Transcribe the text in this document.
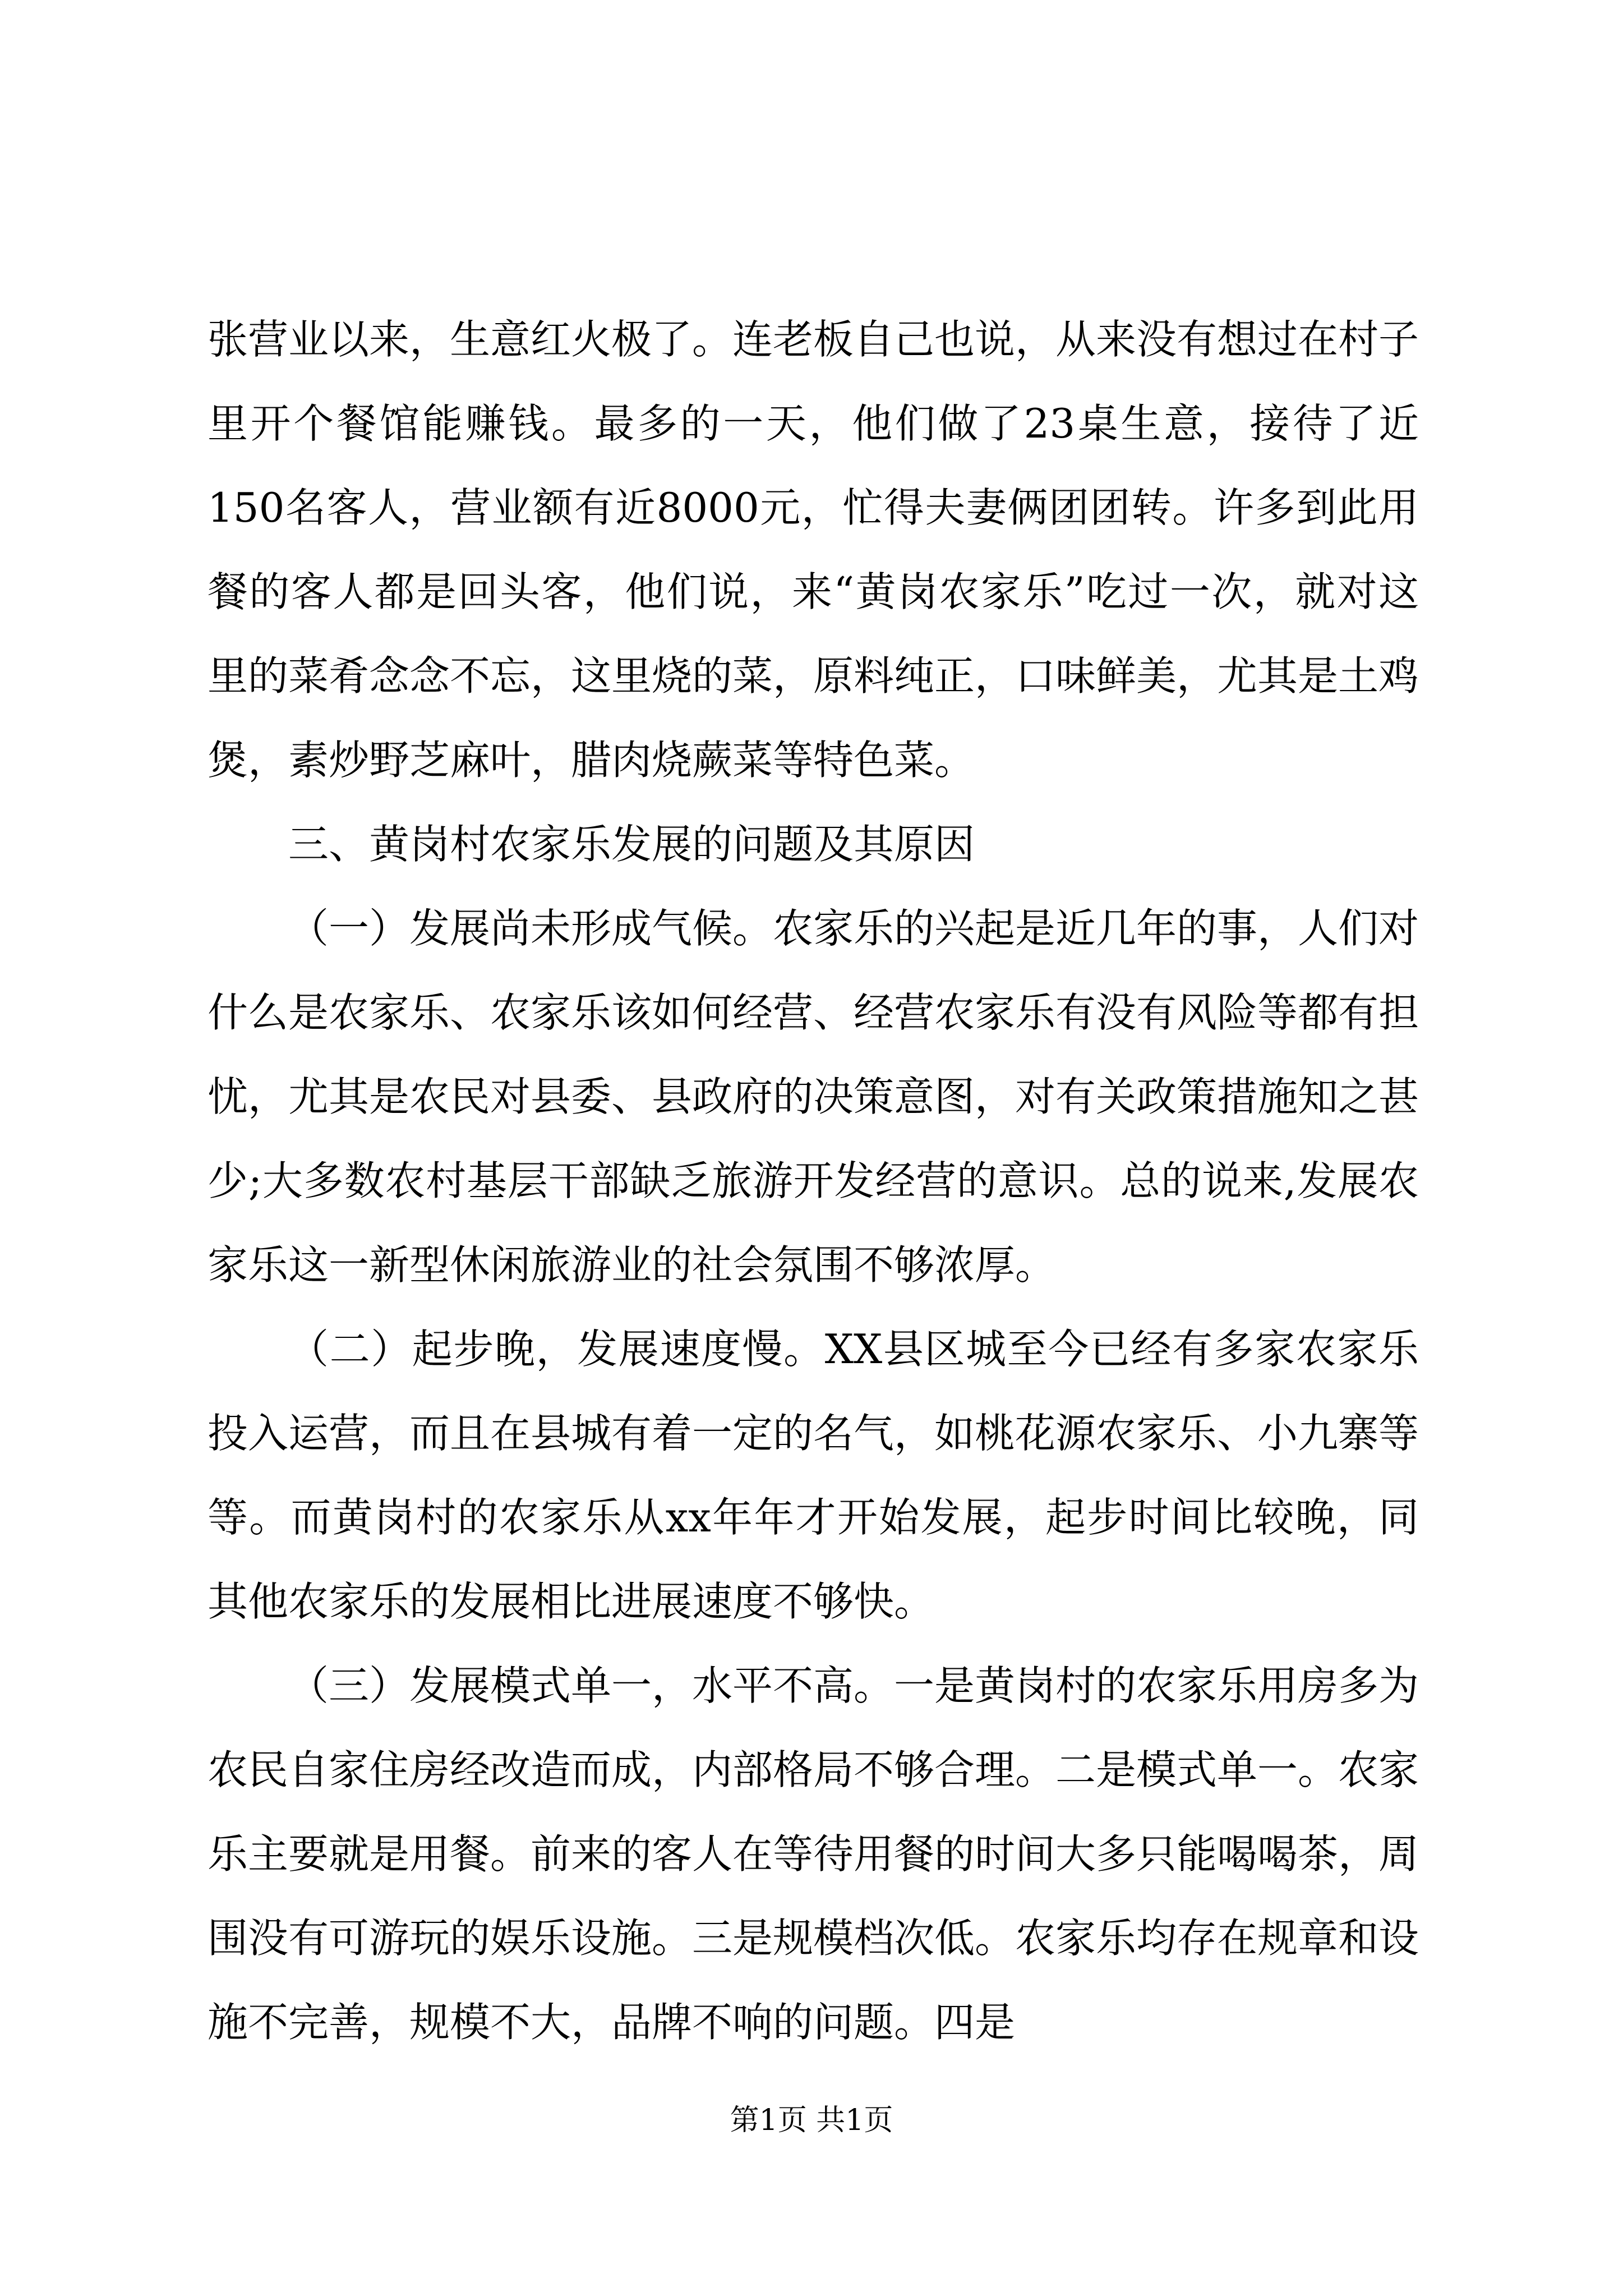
张营业以来，生意红火极了。连老板自己也说，从来没有想过在村子里开个餐馆能赚钱。最多的一天，他们做了23桌生意，接待了近150名客人，营业额有近8000元，忙得夫妻俩团团转。许多到此用餐的客人都是回头客，他们说，来“黄岗农家乐”吃过一次，就对这里的菜肴念念不忘，这里烧的菜，原料纯正，口味鲜美，尤其是土鸡煲，素炒野芝麻叶，腊肉烧蕨菜等特色菜。

三、黄岗村农家乐发展的问题及其原因

（一）发展尚未形成气候。农家乐的兴起是近几年的事，人们对什么是农家乐、农家乐该如何经营、经营农家乐有没有风险等都有担忧，尤其是农民对县委、县政府的决策意图，对有关政策措施知之甚少;大多数农村基层干部缺乏旅游开发经营的意识。总的说来,发展农家乐这一新型休闲旅游业的社会氛围不够浓厚。

（二）起步晚，发展速度慢。XX县区城至今已经有多家农家乐投入运营，而且在县城有着一定的名气，如桃花源农家乐、小九寨等等。而黄岗村的农家乐从xx年年才开始发展，起步时间比较晚，同其他农家乐的发展相比进展速度不够快。

（三）发展模式单一，水平不高。一是黄岗村的农家乐用房多为农民自家住房经改造而成，内部格局不够合理。二是模式单一。农家乐主要就是用餐。前来的客人在等待用餐的时间大多只能喝喝茶，周围没有可游玩的娱乐设施。三是规模档次低。农家乐均存在规章和设施不完善，规模不大，品牌不响的问题。四是

第1页 共1页
